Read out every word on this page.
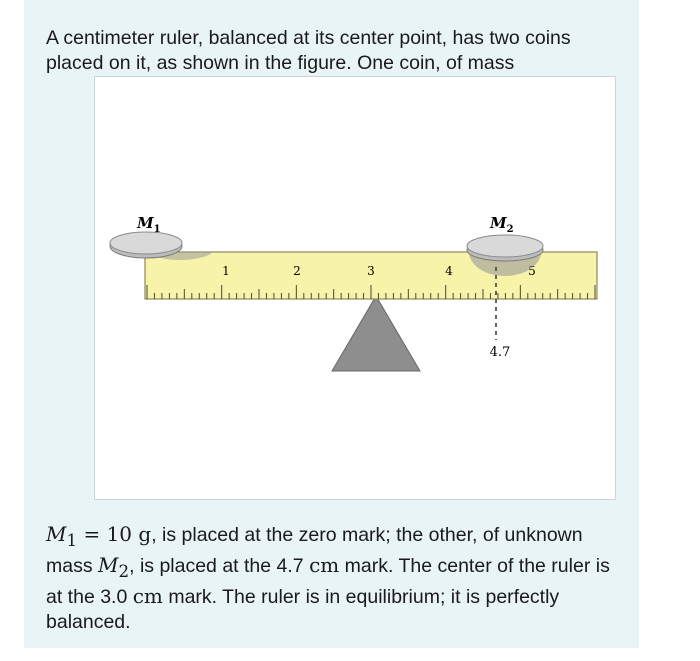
A centimeter ruler, balanced at its center point, has two coins placed on it, as shown in the figure. One coin, of mass
1	2	3	4	5
$M_1$	$M_2$
4.7
$M_1 = 10$ g, is placed at the zero mark; the other, of unknown mass $M_2$, is placed at the 4.7 cm mark. The center of the ruler is at the 3.0 cm mark. The ruler is in equilibrium; it is perfectly balanced.
